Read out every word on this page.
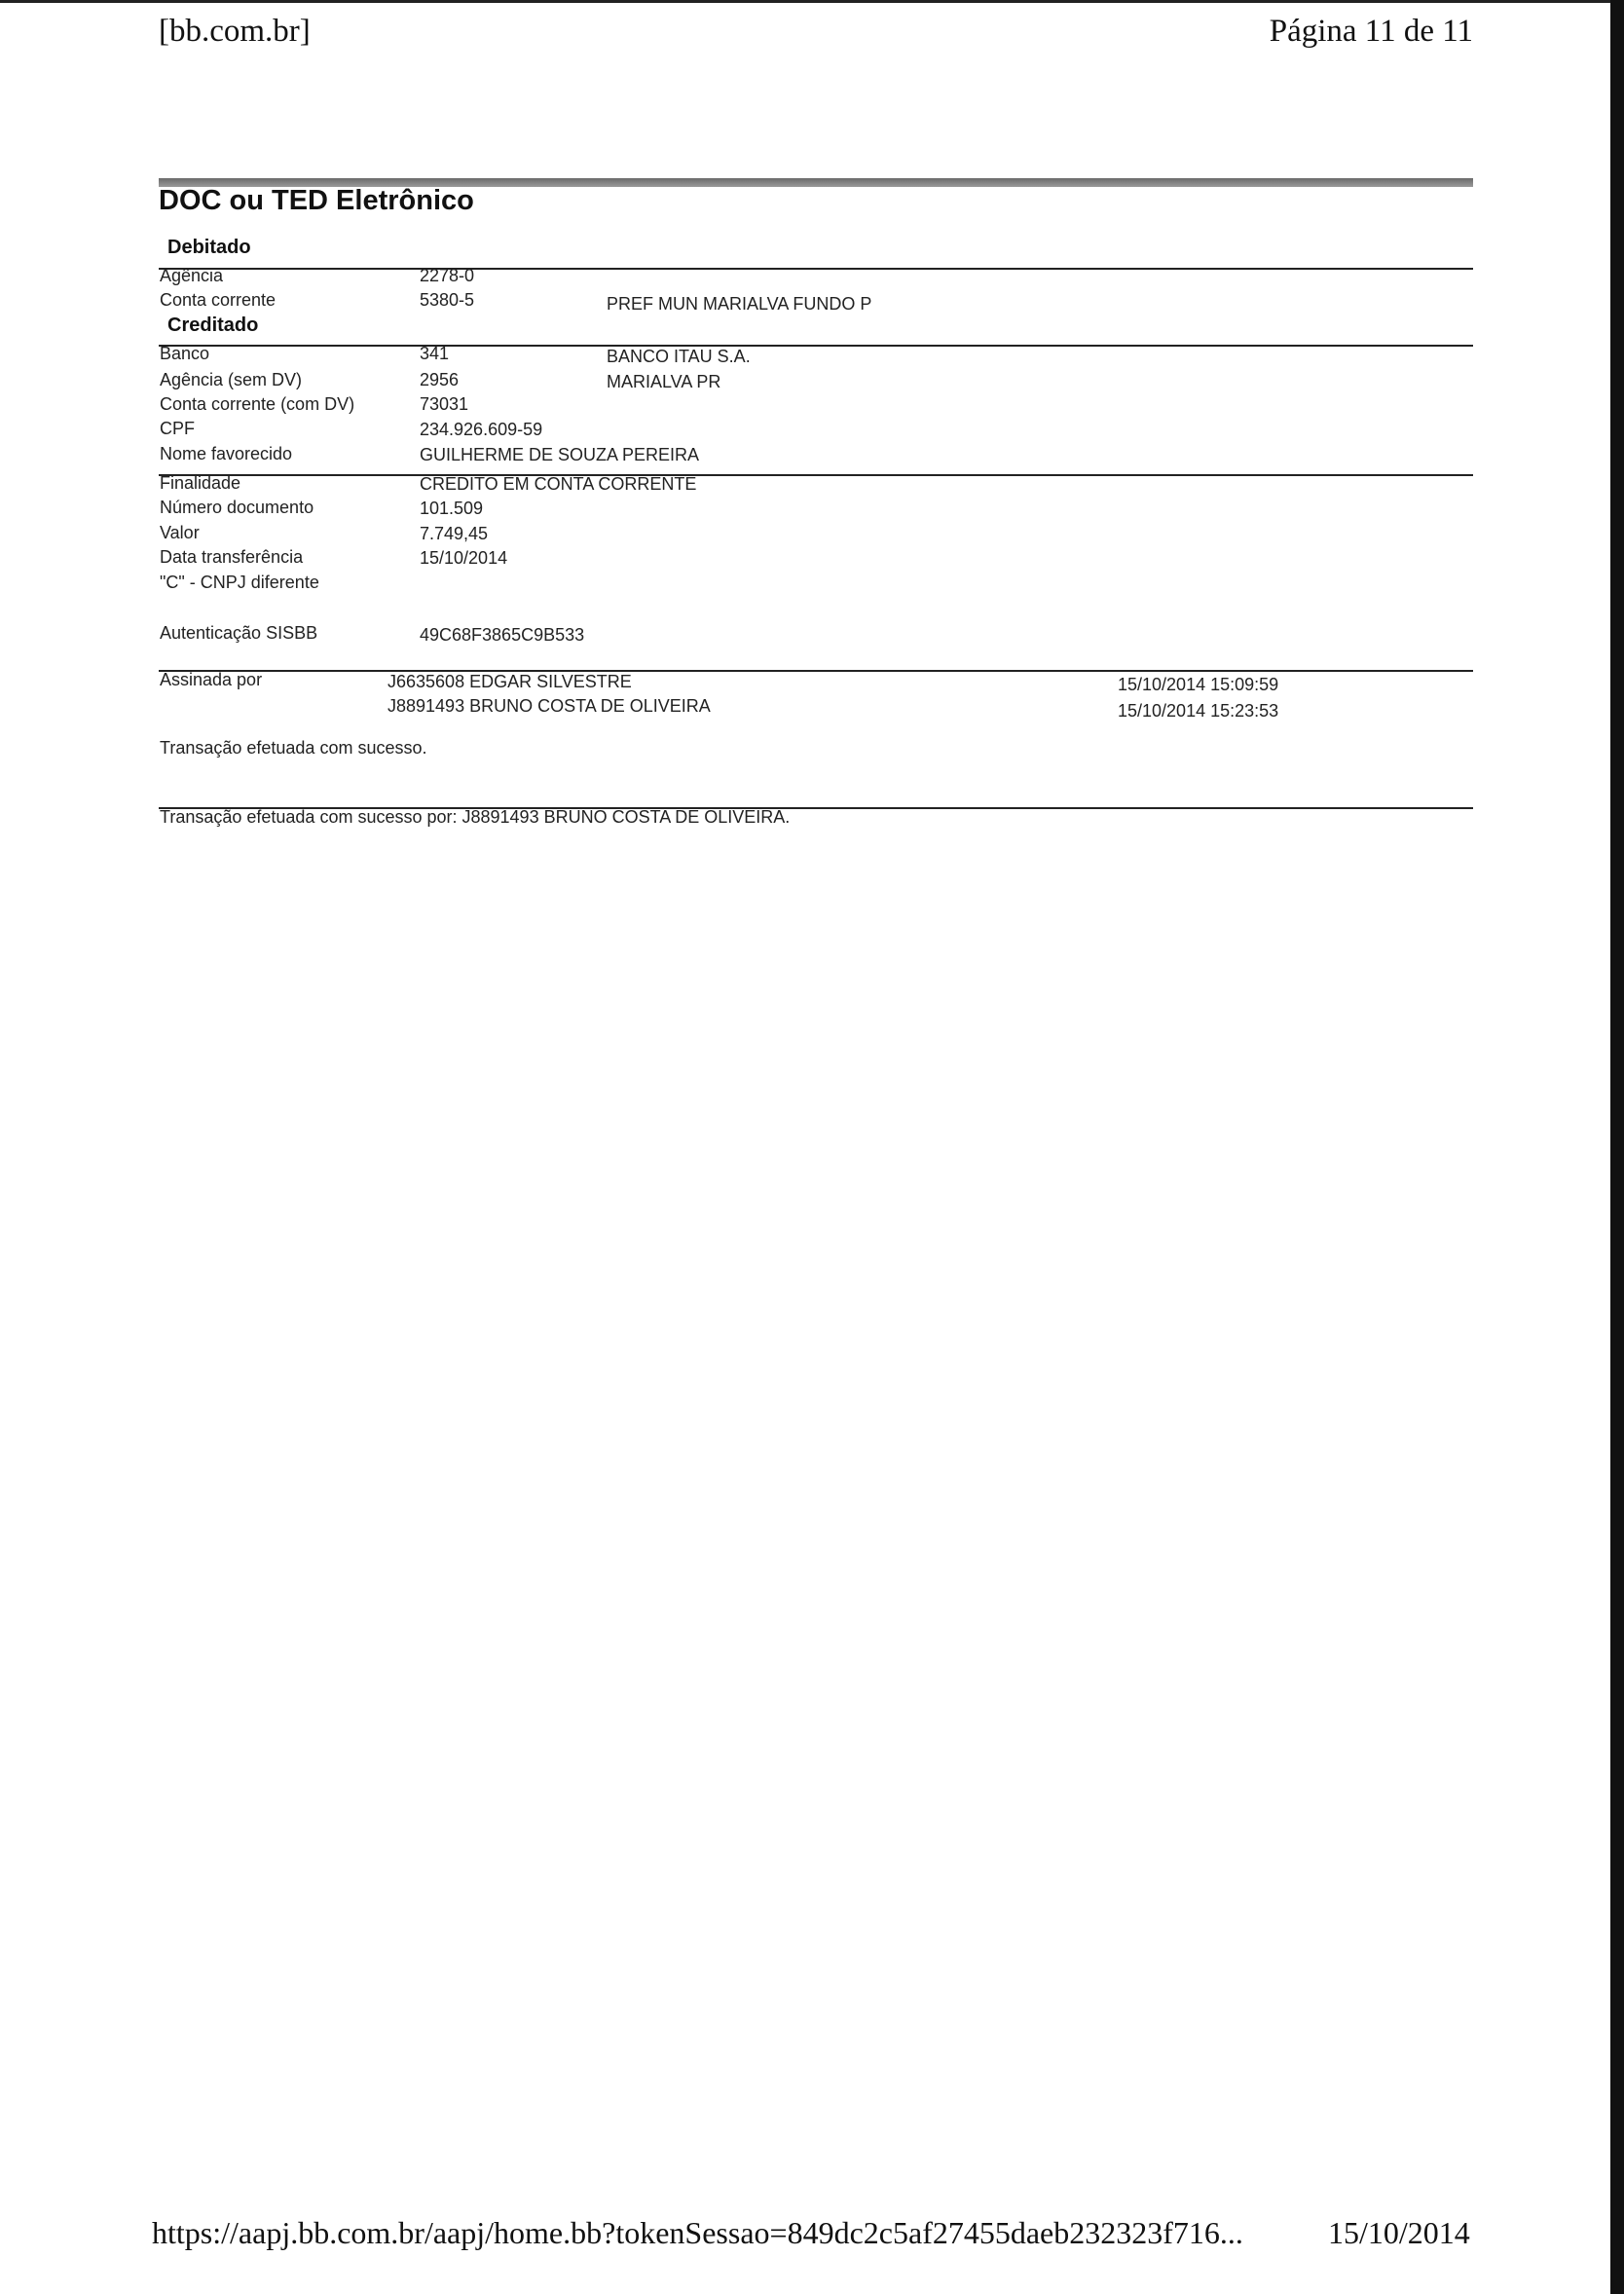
[bb.com.br]	Página 11 de 11
DOC ou TED Eletrônico
Debitado
Agência	2278-0
Conta corrente	5380-5	PREF MUN MARIALVA FUNDO P
Creditado
Banco	341	BANCO ITAU S.A.
Agência (sem DV)	2956	MARIALVA PR
Conta corrente (com DV)	73031
CPF	234.926.609-59
Nome favorecido	GUILHERME DE SOUZA PEREIRA
Finalidade	CREDITO EM CONTA CORRENTE
Número documento	101.509
Valor	7.749,45
Data transferência	15/10/2014
"C" - CNPJ diferente
Autenticação SISBB	49C68F3865C9B533
Assinada por	J6635608 EDGAR SILVESTRE	15/10/2014 15:09:59
J8891493 BRUNO COSTA DE OLIVEIRA	15/10/2014 15:23:53
Transação efetuada com sucesso.
Transação efetuada com sucesso por: J8891493 BRUNO COSTA DE OLIVEIRA.
https://aapj.bb.com.br/aapj/home.bb?tokenSessao=849dc2c5af27455daeb232323f716...	15/10/2014
